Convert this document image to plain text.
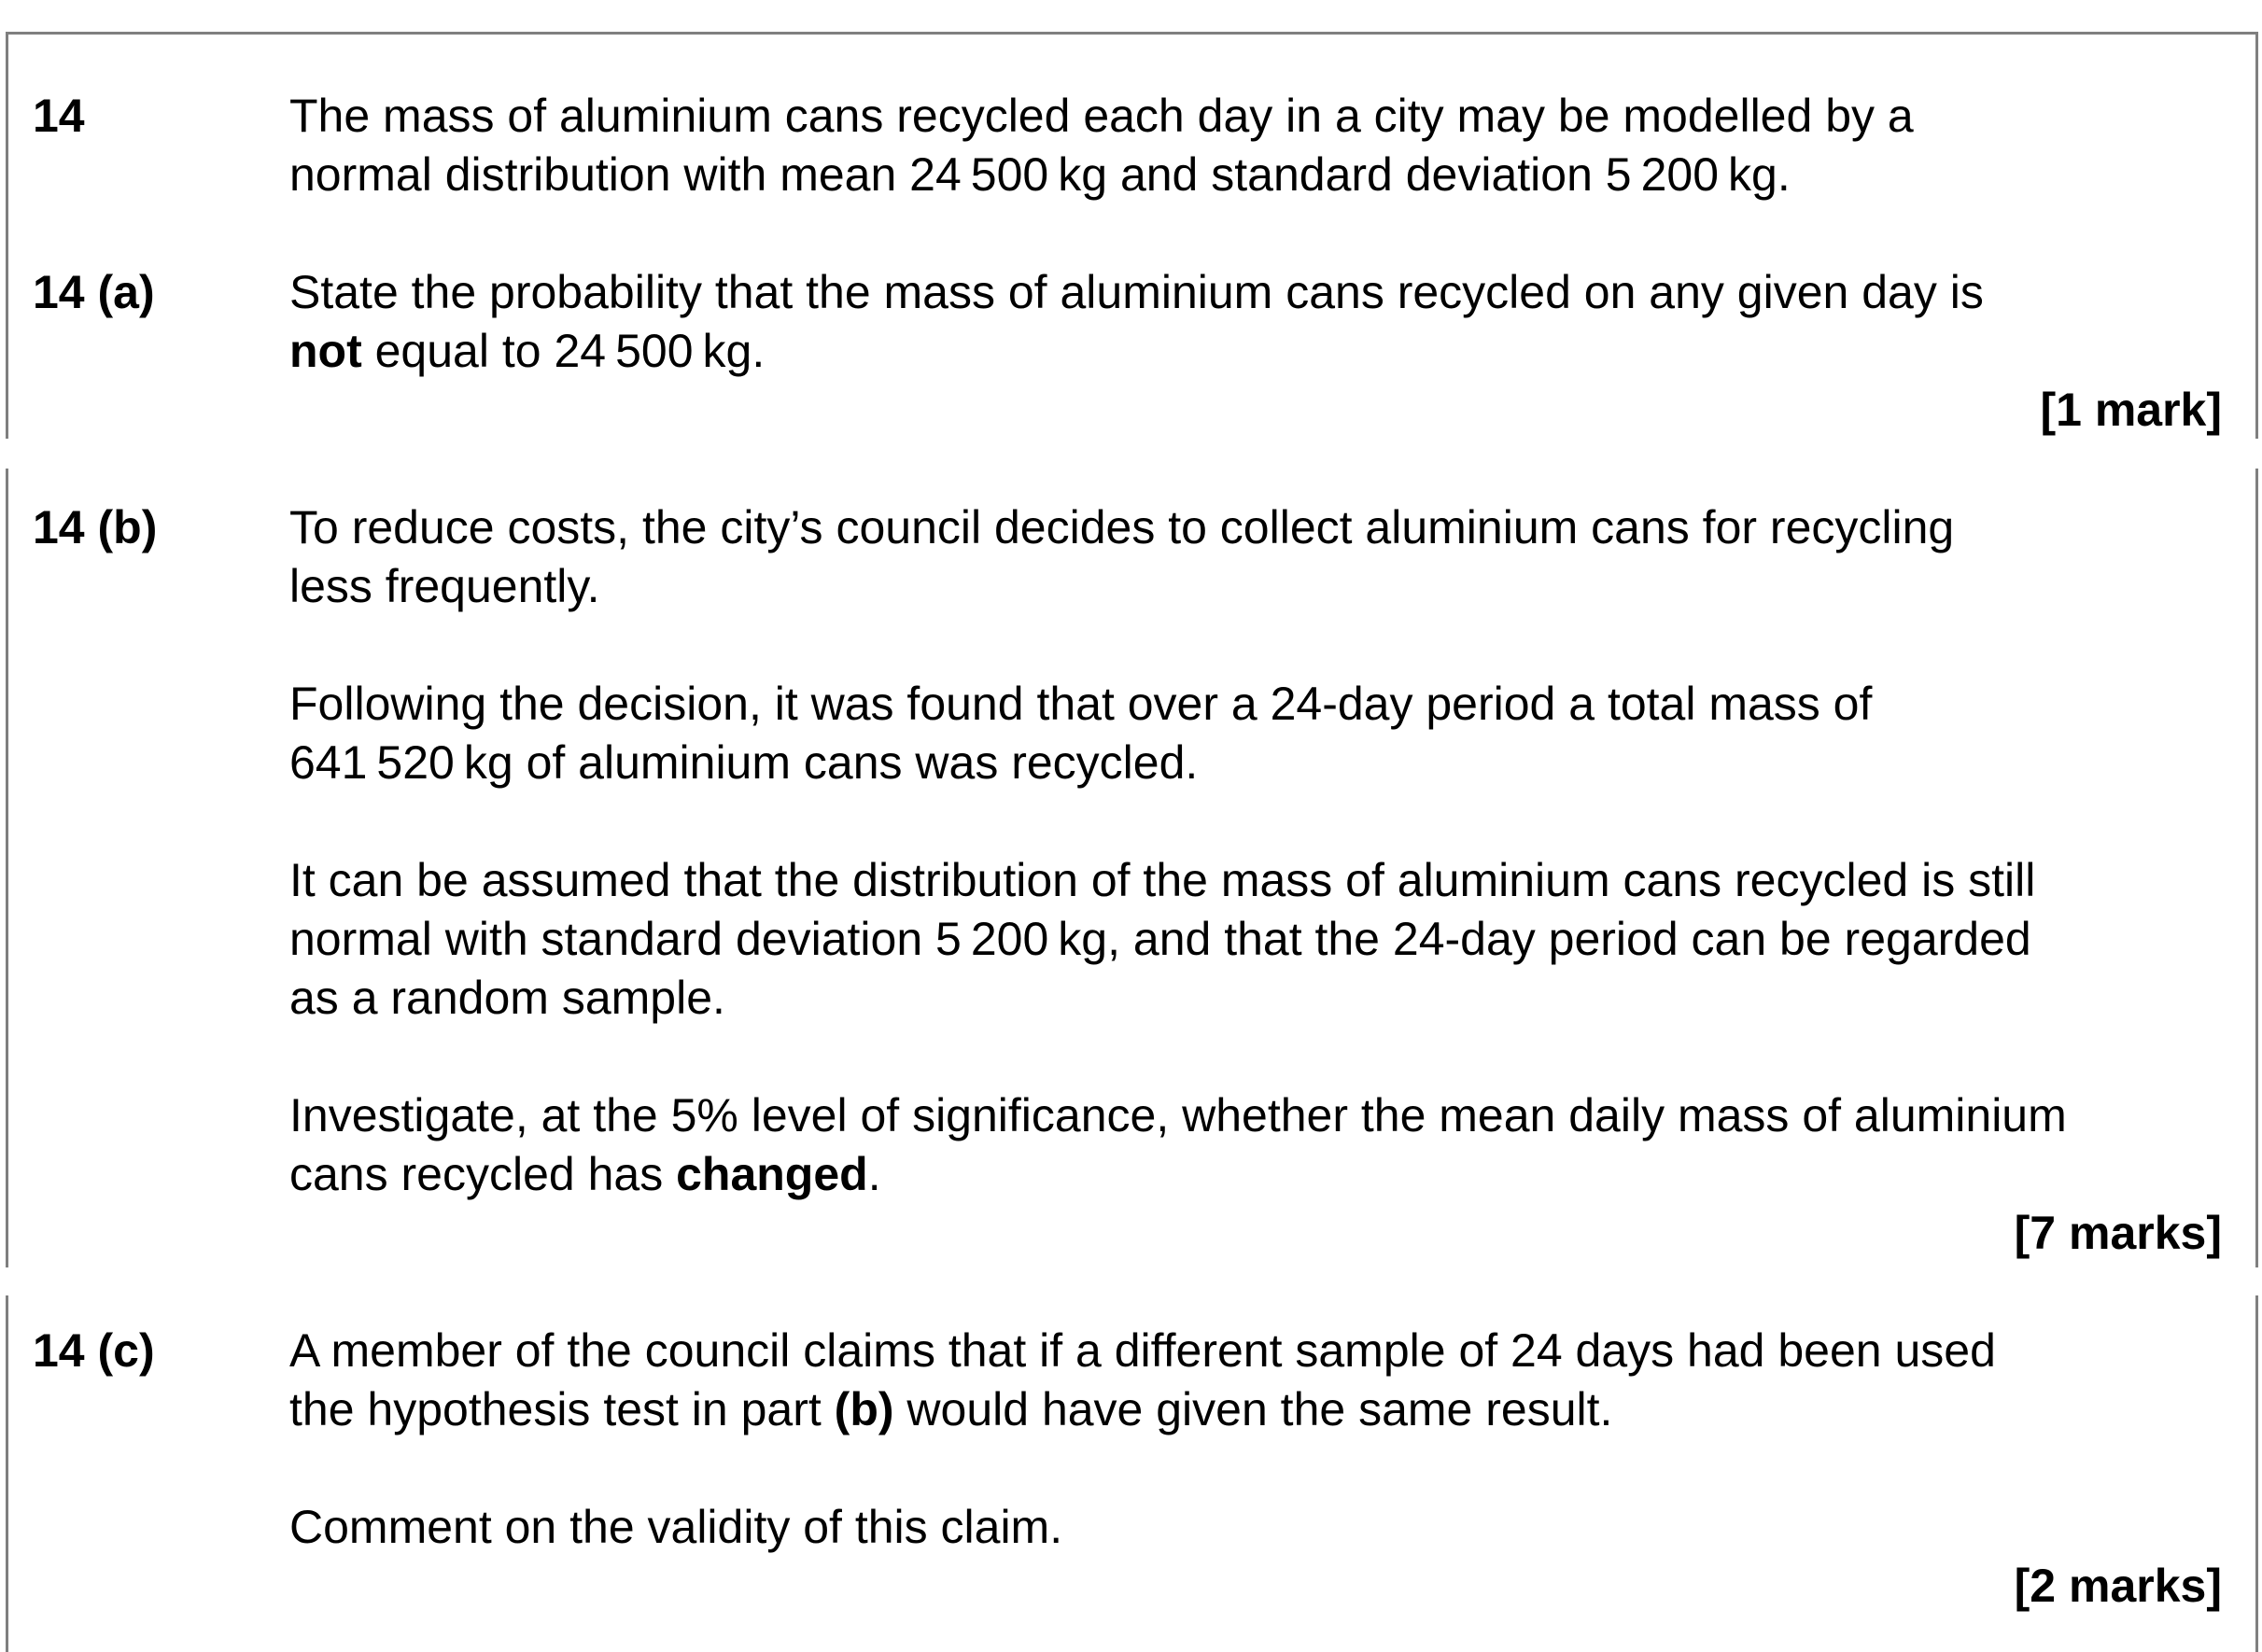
14	The mass of aluminium cans recycled each day in a city may be modelled by a
normal distribution with mean 24 500 kg and standard deviation 5 200 kg.
14 (a)	State the probability that the mass of aluminium cans recycled on any given day is
not equal to 24 500 kg.
[1 mark]
14 (b)	To reduce costs, the city’s council decides to collect aluminium cans for recycling
less frequently.
Following the decision, it was found that over a 24-day period a total mass of
641 520 kg of aluminium cans was recycled.
It can be assumed that the distribution of the mass of aluminium cans recycled is still
normal with standard deviation 5 200 kg, and that the 24-day period can be regarded
as a random sample.
Investigate, at the 5% level of significance, whether the mean daily mass of aluminium
cans recycled has changed.
[7 marks]
14 (c)	A member of the council claims that if a different sample of 24 days had been used
the hypothesis test in part (b) would have given the same result.
Comment on the validity of this claim.
[2 marks]
